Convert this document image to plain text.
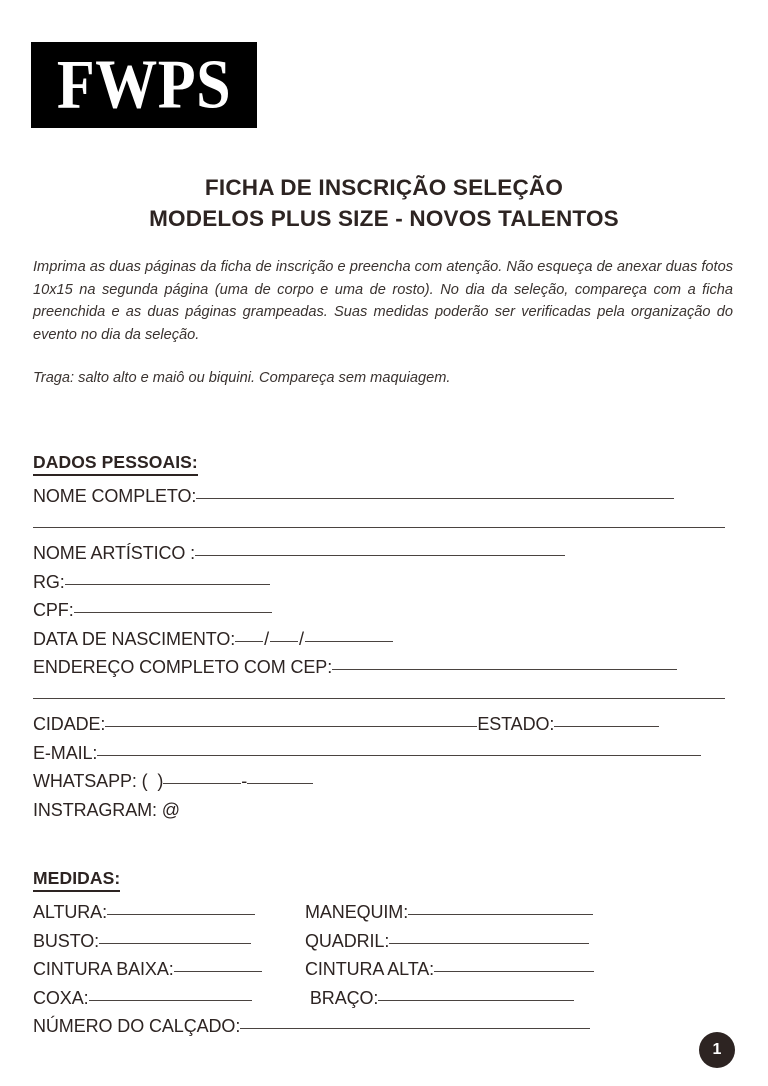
FWPS
FICHA DE INSCRIÇÃO SELEÇÃO
MODELOS PLUS SIZE - NOVOS TALENTOS

Imprima as duas páginas da ficha de inscrição e preencha com atenção. Não esqueça de anexar duas fotos 10x15 na segunda página (uma de corpo e uma de rosto). No dia da seleção, compareça com a ficha preenchida e as duas páginas grampeadas. Suas medidas poderão ser verificadas pela organização do evento no dia da seleção.

Traga: salto alto e maiô ou biquini. Compareça sem maquiagem.

DADOS PESSOAIS:
NOME COMPLETO:
NOME ARTÍSTICO :
RG:
CPF:
DATA DE NASCIMENTO: / /
ENDEREÇO COMPLETO COM CEP:
CIDADE:	ESTADO:
E-MAIL:
WHATSAPP: ( )	-
INSTRAGRAM: @
MEDIDAS:
ALTURA:	MANEQUIM:
BUSTO:	QUADRIL:
CINTURA BAIXA:	CINTURA ALTA:
COXA:	BRAÇO:
NÚMERO DO CALÇADO:
1
